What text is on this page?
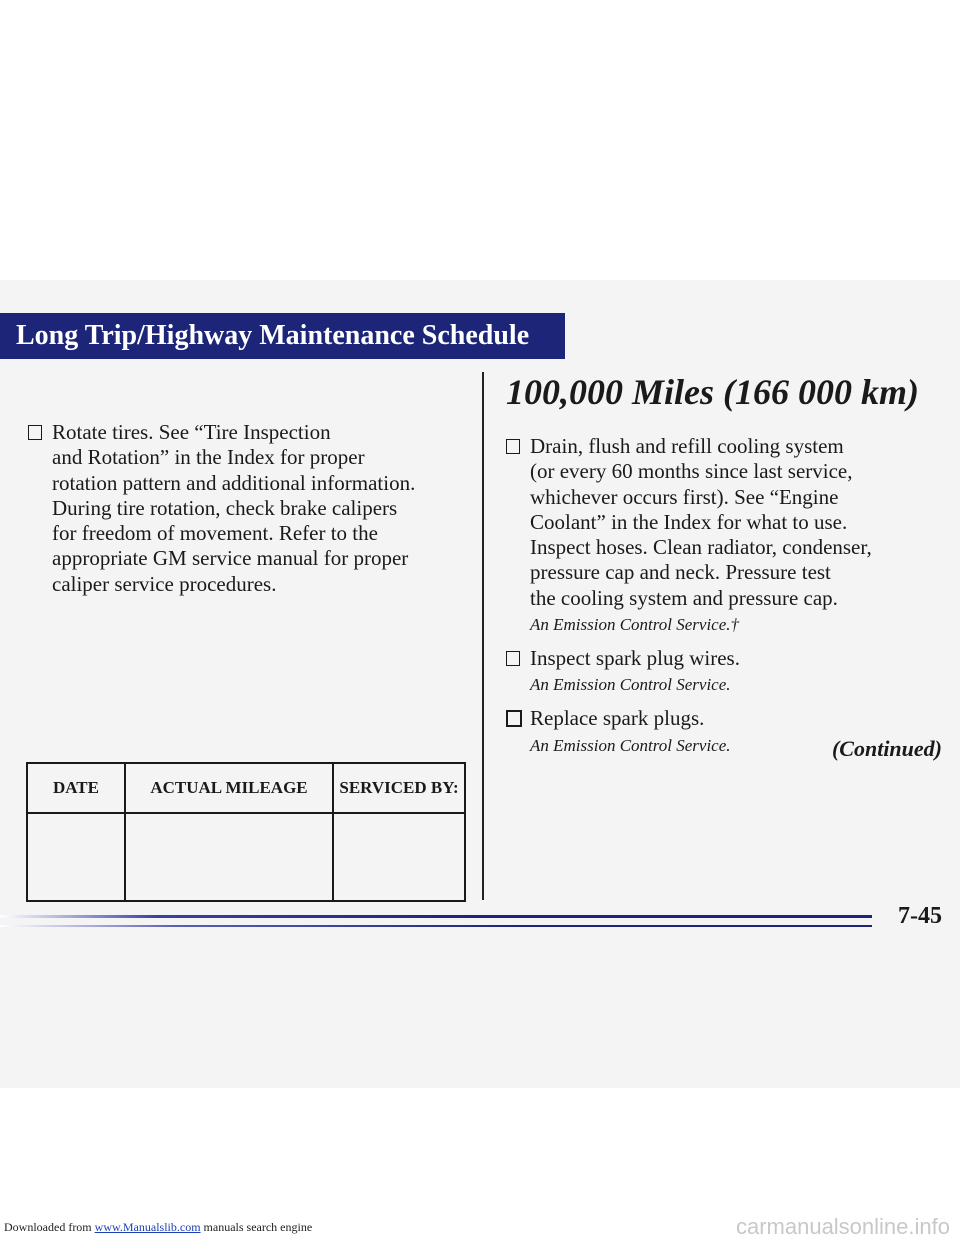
Long Trip/Highway Maintenance Schedule
Rotate tires. See “Tire Inspection
and Rotation” in the Index for proper
rotation pattern and additional information.
During tire rotation, check brake calipers
for freedom of movement. Refer to the
appropriate GM service manual for proper
caliper service procedures.
DATE	ACTUAL MILEAGE	SERVICED BY:
100,000 Miles (166 000 km)
Drain, flush and refill cooling system
(or every 60 months since last service,
whichever occurs first). See “Engine
Coolant” in the Index for what to use.
Inspect hoses. Clean radiator, condenser,
pressure cap and neck. Pressure test
the cooling system and pressure cap.
An Emission Control Service.†
Inspect spark plug wires.
An Emission Control Service.
Replace spark plugs.
An Emission Control Service.	(Continued)
7-45
Downloaded from www.Manualslib.com manuals search engine	carmanualsonline.info
